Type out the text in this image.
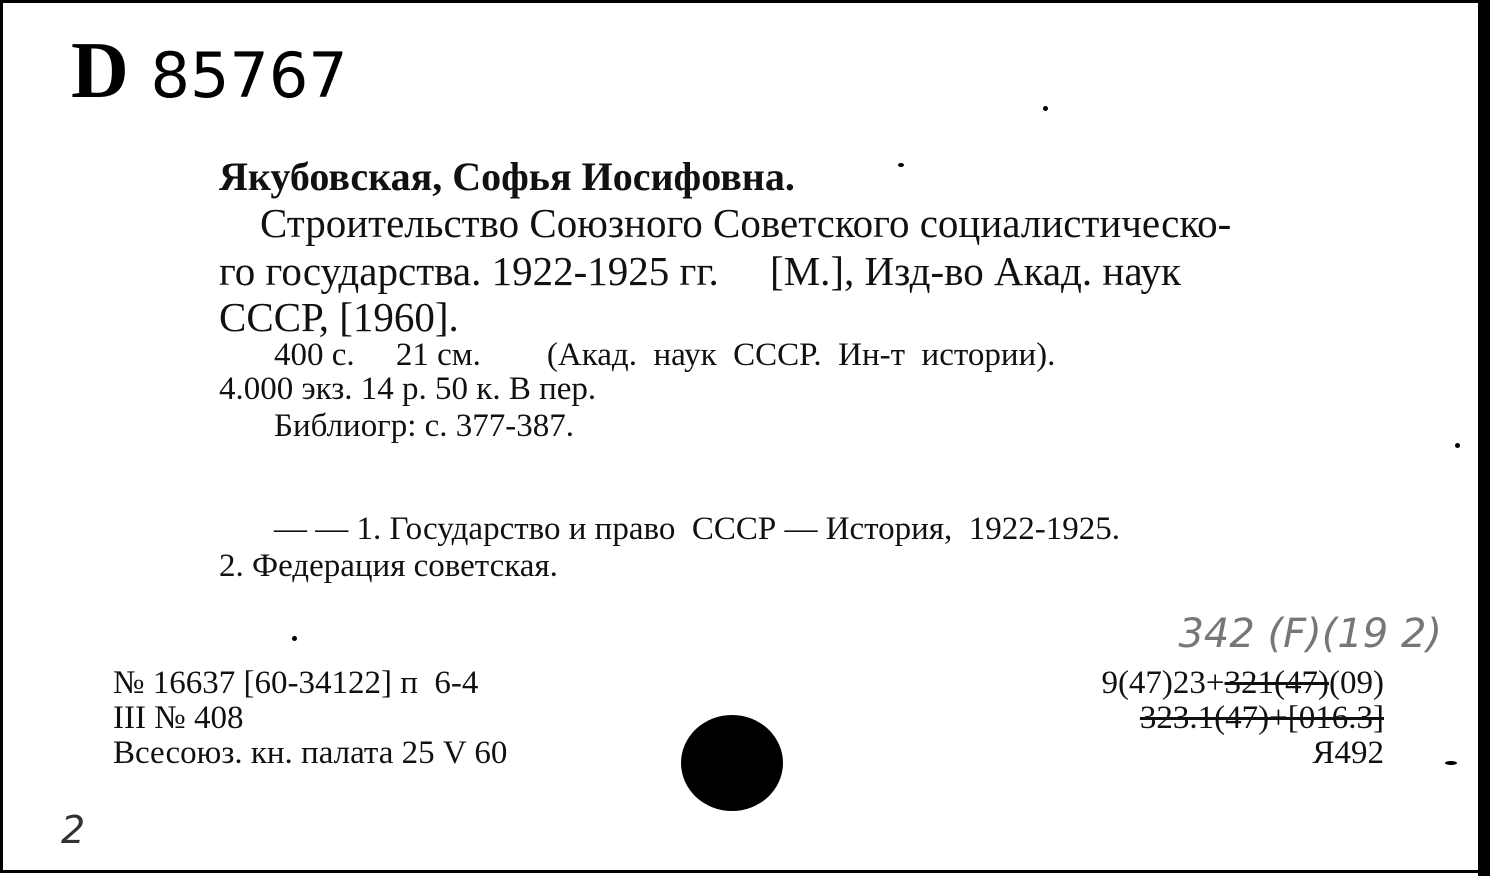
D 85767
Якубовская, Софья Иосифовна.
Строительство Союзного Советского социалистическо-
го государства. 1922-1925 гг.     [M.], Изд-во Акад. наук
СССР, [1960].
400 с.     21 см.        (Акад.  наук  СССР.  Ин-т  истории).
4.000 экз. 14 р. 50 к. В пер.
Библиогр: с. 377-387.
— — 1. Государство и право  СССР — История,  1922-1925.
2. Федерация советская.
№ 16637 [60-34122] п  6-4
III № 408
Всесоюз. кн. палата 25 V 60
9(47)23+321(47)(09)
323.1(47)+[016.3]
Я492
342 (F)(19 2)
2
